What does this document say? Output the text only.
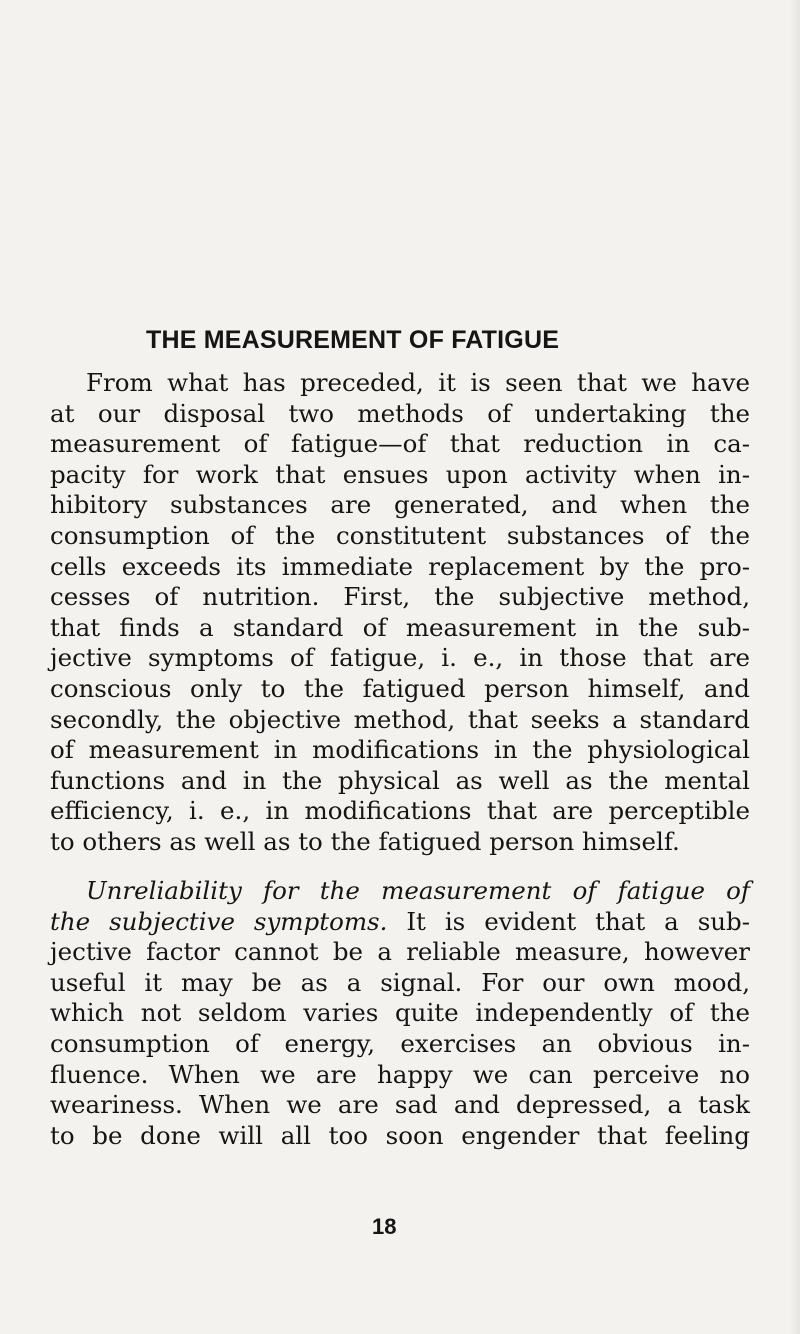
THE MEASUREMENT OF FATIGUE
From what has preceded, it is seen that we have
at our disposal two methods of undertaking the
measurement of fatigue—of that reduction in ca-
pacity for work that ensues upon activity when in-
hibitory substances are generated, and when the
consumption of the constitutent substances of the
cells exceeds its immediate replacement by the pro-
cesses of nutrition. First, the subjective method,
that finds a standard of measurement in the sub-
jective symptoms of fatigue, i. e., in those that are
conscious only to the fatigued person himself, and
secondly, the objective method, that seeks a standard
of measurement in modifications in the physiological
functions and in the physical as well as the mental
efficiency, i. e., in modifications that are perceptible
to others as well as to the fatigued person himself.
Unreliability for the measurement of fatigue of
the subjective symptoms. It is evident that a sub-
jective factor cannot be a reliable measure, however
useful it may be as a signal. For our own mood,
which not seldom varies quite independently of the
consumption of energy, exercises an obvious in-
fluence. When we are happy we can perceive no
weariness. When we are sad and depressed, a task
to be done will all too soon engender that feeling
18
